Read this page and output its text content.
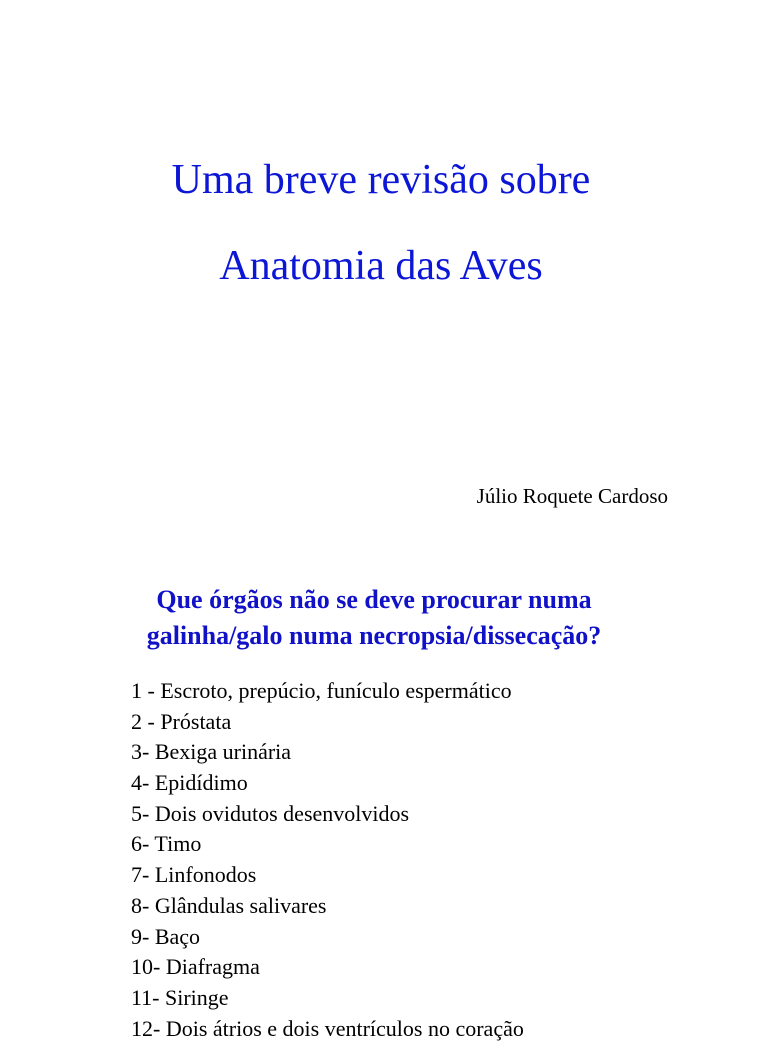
Uma breve revisão sobre
Anatomia das Aves
Júlio Roquete Cardoso
Que órgãos não se deve procurar numa
galinha/galo numa necropsia/dissecação?
1 - Escroto, prepúcio, funículo espermático
2 - Próstata
3- Bexiga urinária
4- Epidídimo
5- Dois ovidutos desenvolvidos
6- Timo
7- Linfonodos
8- Glândulas salivares
9- Baço
10- Diafragma
11- Siringe
12- Dois átrios e dois ventrículos no coração
